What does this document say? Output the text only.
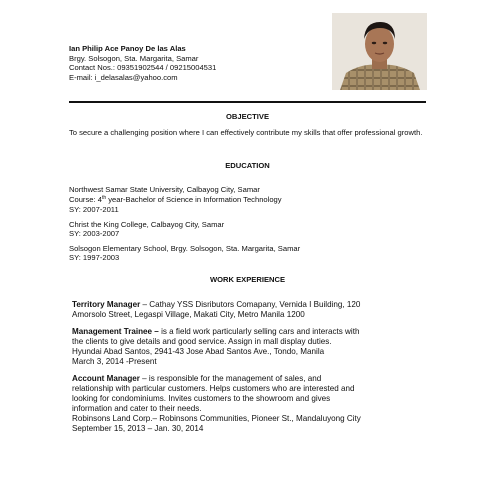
Ian Philip Ace Panoy De las Alas
Brgy. Solsogon, Sta. Margarita, Samar
Contact Nos.: 09351902544 / 09215004531
E-mail: i_delasalas@yahoo.com
OBJECTIVE

To secure a challenging position where I can effectively contribute my skills that offer professional growth.

EDUCATION

Northwest Samar State University, Calbayog City, Samar

Course: 4th year-Bachelor of Science in Information Technology

SY: 2007-2011

Christ the King College, Calbayog City, Samar

SY: 2003-2007

Solsogon Elementary School, Brgy. Solsogon, Sta. Margarita, Samar

SY: 1997-2003

WORK EXPERIENCE

Territory Manager – Cathay YSS Disributors Comapany, Vernida I Building, 120

Amorsolo Street, Legaspi Village, Makati City, Metro Manila 1200

Management Trainee – is a field work particularly selling cars and interacts with

the clients to give details and good service. Assign in mall display duties.

Hyundai Abad Santos, 2941-43 Jose Abad Santos Ave., Tondo, Manila

March 3, 2014 -Present

Account Manager – is responsible for the management of sales, and

relationship with particular customers. Helps customers who are interested and

looking for condominiums. Invites customers to the showroom and gives

information and cater to their needs.

Robinsons Land Corp.– Robinsons Communities, Pioneer St., Mandaluyong City

September 15, 2013 – Jan. 30, 2014
